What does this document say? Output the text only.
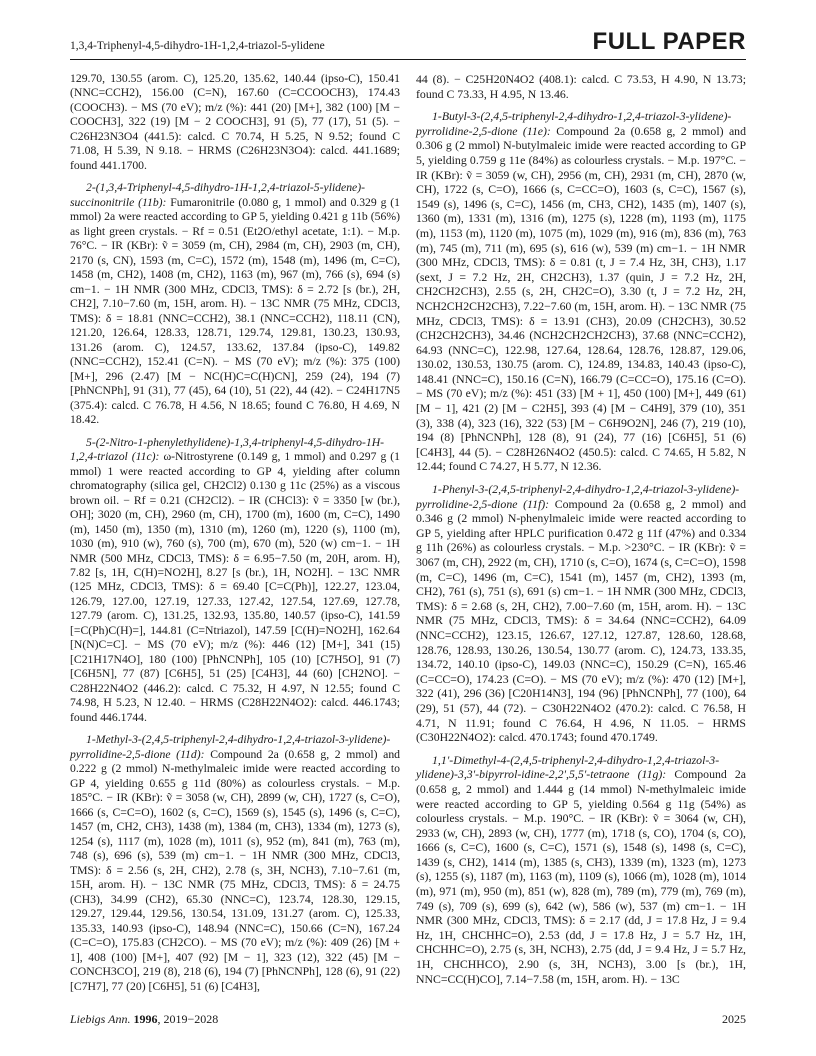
1,3,4-Triphenyl-4,5-dihydro-1H-1,2,4-triazol-5-ylidene	FULL PAPER

129.70, 130.55 (arom. C), 125.20, 135.62, 140.44 (ipso-C), 150.41 (NNC=CCH2), 156.00 (C=N), 167.60 (C=CCOOCH3), 174.43 (COOCH3). − MS (70 eV); m/z (%): 441 (20) [M+], 382 (100) [M − COOCH3], 322 (19) [M − 2 COOCH3], 91 (5), 77 (17), 51 (5). − C26H23N3O4 (441.5): calcd. C 70.74, H 5.25, N 9.52; found C 71.08, H 5.39, N 9.18. − HRMS (C26H23N3O4): calcd. 441.1689; found 441.1700.

2-(1,3,4-Triphenyl-4,5-dihydro-1H-1,2,4-triazol-5-ylidene)-succinonitrile (11b): Fumaronitrile (0.080 g, 1 mmol) and 0.329 g (1 mmol) 2a were reacted according to GP 5, yielding 0.421 g 11b (56%) as light green crystals. − Rf = 0.51 (Et2O/ethyl acetate, 1:1). − M.p. 76°C. − IR (KBr): ṽ = 3059 (m, CH), 2984 (m, CH), 2903 (m, CH), 2170 (s, CN), 1593 (m, C=C), 1572 (m), 1548 (m), 1496 (m, C=C), 1458 (m, CH2), 1408 (m, CH2), 1163 (m), 967 (m), 766 (s), 694 (s) cm−1. − 1H NMR (300 MHz, CDCl3, TMS): δ = 2.72 [s (br.), 2H, CH2], 7.10−7.60 (m, 15H, arom. H). − 13C NMR (75 MHz, CDCl3, TMS): δ = 18.81 (NNC=CCH2), 38.1 (NNC=CCH2), 118.11 (CN), 121.20, 126.64, 128.33, 128.71, 129.74, 129.81, 130.23, 130.93, 131.26 (arom. C), 124.57, 133.62, 137.84 (ipso-C), 149.82 (NNC=CCH2), 152.41 (C=N). − MS (70 eV); m/z (%): 375 (100) [M+], 296 (2.47) [M − NC(H)C=C(H)CN], 259 (24), 194 (7) [PhNCNPh], 91 (31), 77 (45), 64 (10), 51 (22), 44 (42). − C24H17N5 (375.4): calcd. C 76.78, H 4.56, N 18.65; found C 76.80, H 4.69, N 18.42.

5-(2-Nitro-1-phenylethylidene)-1,3,4-triphenyl-4,5-dihydro-1H-1,2,4-triazol (11c): ω-Nitrostyrene (0.149 g, 1 mmol) and 0.297 g (1 mmol) 1 were reacted according to GP 4, yielding after column chromatography (silica gel, CH2Cl2) 0.130 g 11c (25%) as a viscous brown oil. − Rf = 0.21 (CH2Cl2). − IR (CHCl3): ṽ = 3350 [w (br.), OH]; 3020 (m, CH), 2960 (m, CH), 1700 (m), 1600 (m, C=C), 1490 (m), 1450 (m), 1350 (m), 1310 (m), 1260 (m), 1220 (s), 1100 (m), 1030 (m), 910 (w), 760 (s), 700 (m), 670 (m), 520 (w) cm−1. − 1H NMR (500 MHz, CDCl3, TMS): δ = 6.95−7.50 (m, 20H, arom. H), 7.82 [s, 1H, C(H)=NO2H], 8.27 [s (br.), 1H, NO2H]. − 13C NMR (125 MHz, CDCl3, TMS): δ = 69.40 [C=C(Ph)], 122.27, 123.04, 126.79, 127.00, 127.19, 127.33, 127.42, 127.54, 127.69, 127.78, 127.79 (arom. C), 131.25, 132.93, 135.80, 140.57 (ipso-C), 141.59 [=C(Ph)C(H)=], 144.81 (C=Ntriazol), 147.59 [C(H)=NO2H], 162.64 [N(N)C=C]. − MS (70 eV); m/z (%): 446 (12) [M+], 341 (15) [C21H17N4O], 180 (100) [PhNCNPh], 105 (10) [C7H5O], 91 (7) [C6H5N], 77 (87) [C6H5], 51 (25) [C4H3], 44 (60) [CH2NO]. − C28H22N4O2 (446.2): calcd. C 75.32, H 4.97, N 12.55; found C 74.98, H 5.23, N 12.40. − HRMS (C28H22N4O2): calcd. 446.1743; found 446.1744.

1-Methyl-3-(2,4,5-triphenyl-2,4-dihydro-1,2,4-triazol-3-ylidene)-pyrrolidine-2,5-dione (11d): Compound 2a (0.658 g, 2 mmol) and 0.222 g (2 mmol) N-methylmaleic imide were reacted according to GP 4, yielding 0.655 g 11d (80%) as colourless crystals. − M.p. 185°C. − IR (KBr): ṽ = 3058 (w, CH), 2899 (w, CH), 1727 (s, C=O), 1666 (s, C=C=O), 1602 (s, C=C), 1569 (s), 1545 (s), 1496 (s, C=C), 1457 (m, CH2, CH3), 1438 (m), 1384 (m, CH3), 1334 (m), 1273 (s), 1254 (s), 1117 (m), 1028 (m), 1011 (s), 952 (m), 841 (m), 763 (m), 748 (s), 696 (s), 539 (m) cm−1. − 1H NMR (300 MHz, CDCl3, TMS): δ = 2.56 (s, 2H, CH2), 2.78 (s, 3H, NCH3), 7.10−7.61 (m, 15H, arom. H). − 13C NMR (75 MHz, CDCl3, TMS): δ = 24.75 (CH3), 34.99 (CH2), 65.30 (NNC=C), 123.74, 128.30, 129.15, 129.27, 129.44, 129.56, 130.54, 131.09, 131.27 (arom. C), 125.33, 135.33, 140.93 (ipso-C), 148.94 (NNC=C), 150.66 (C=N), 167.24 (C=C=O), 175.83 (CH2CO). − MS (70 eV); m/z (%): 409 (26) [M + 1], 408 (100) [M+], 407 (92) [M − 1], 323 (12), 322 (45) [M − CONCH3CO], 219 (8), 218 (6), 194 (7) [PhNCNPh], 128 (6), 91 (22) [C7H7], 77 (20) [C6H5], 51 (6) [C4H3],

44 (8). − C25H20N4O2 (408.1): calcd. C 73.53, H 4.90, N 13.73; found C 73.33, H 4.95, N 13.46.

1-Butyl-3-(2,4,5-triphenyl-2,4-dihydro-1,2,4-triazol-3-ylidene)-pyrrolidine-2,5-dione (11e): Compound 2a (0.658 g, 2 mmol) and 0.306 g (2 mmol) N-butylmaleic imide were reacted according to GP 5, yielding 0.759 g 11e (84%) as colourless crystals. − M.p. 197°C. − IR (KBr): ṽ = 3059 (w, CH), 2956 (m, CH), 2931 (m, CH), 2870 (w, CH), 1722 (s, C=O), 1666 (s, C=CC=O), 1603 (s, C=C), 1567 (s), 1549 (s), 1496 (s, C=C), 1456 (m, CH3, CH2), 1435 (m), 1407 (s), 1360 (m), 1331 (m), 1316 (m), 1275 (s), 1228 (m), 1193 (m), 1175 (m), 1153 (m), 1120 (m), 1075 (m), 1029 (m), 916 (m), 836 (m), 763 (m), 745 (m), 711 (m), 695 (s), 616 (w), 539 (m) cm−1. − 1H NMR (300 MHz, CDCl3, TMS): δ = 0.81 (t, J = 7.4 Hz, 3H, CH3), 1.17 (sext, J = 7.2 Hz, 2H, CH2CH3), 1.37 (quin, J = 7.2 Hz, 2H, CH2CH2CH3), 2.55 (s, 2H, CH2C=O), 3.30 (t, J = 7.2 Hz, 2H, NCH2CH2CH2CH3), 7.22−7.60 (m, 15H, arom. H). − 13C NMR (75 MHz, CDCl3, TMS): δ = 13.91 (CH3), 20.09 (CH2CH3), 30.52 (CH2CH2CH3), 34.46 (NCH2CH2CH2CH3), 37.68 (NNC=CCH2), 64.93 (NNC=C), 122.98, 127.64, 128.64, 128.76, 128.87, 129.06, 130.02, 130.53, 130.75 (arom. C), 124.89, 134.83, 140.43 (ipso-C), 148.41 (NNC=C), 150.16 (C=N), 166.79 (C=CC=O), 175.16 (C=O). − MS (70 eV); m/z (%): 451 (33) [M + 1], 450 (100) [M+], 449 (61) [M − 1], 421 (2) [M − C2H5], 393 (4) [M − C4H9], 379 (10), 351 (3), 338 (4), 323 (16), 322 (53) [M − C6H9O2N], 246 (7), 219 (10), 194 (8) [PhNCNPh], 128 (8), 91 (24), 77 (16) [C6H5], 51 (6) [C4H3], 44 (5). − C28H26N4O2 (450.5): calcd. C 74.65, H 5.82, N 12.44; found C 74.27, H 5.77, N 12.36.

1-Phenyl-3-(2,4,5-triphenyl-2,4-dihydro-1,2,4-triazol-3-ylidene)-pyrrolidine-2,5-dione (11f): Compound 2a (0.658 g, 2 mmol) and 0.346 g (2 mmol) N-phenylmaleic imide were reacted according to GP 5, yielding after HPLC purification 0.472 g 11f (47%) and 0.334 g 11h (26%) as colourless crystals. − M.p. >230°C. − IR (KBr): ṽ = 3067 (m, CH), 2922 (m, CH), 1710 (s, C=O), 1674 (s, C=C=O), 1598 (m, C=C), 1496 (m, C=C), 1541 (m), 1457 (m, CH2), 1393 (m, CH2), 761 (s), 751 (s), 691 (s) cm−1. − 1H NMR (300 MHz, CDCl3, TMS): δ = 2.68 (s, 2H, CH2), 7.00−7.60 (m, 15H, arom. H). − 13C NMR (75 MHz, CDCl3, TMS): δ = 34.64 (NNC=CCH2), 64.09 (NNC=CCH2), 123.15, 126.67, 127.12, 127.87, 128.60, 128.68, 128.76, 128.93, 130.26, 130.54, 130.77 (arom. C), 124.73, 133.35, 134.72, 140.10 (ipso-C), 149.03 (NNC=C), 150.29 (C=N), 165.46 (C=CC=O), 174.23 (C=O). − MS (70 eV); m/z (%): 470 (12) [M+], 322 (41), 296 (36) [C20H14N3], 194 (96) [PhNCNPh], 77 (100), 64 (29), 51 (57), 44 (72). − C30H22N4O2 (470.2): calcd. C 76.58, H 4.71, N 11.91; found C 76.64, H 4.96, N 11.05. − HRMS (C30H22N4O2): calcd. 470.1743; found 470.1749.

1,1'-Dimethyl-4-(2,4,5-triphenyl-2,4-dihydro-1,2,4-triazol-3-ylidene)-3,3'-bipyrrol-idine-2,2',5,5'-tetraone (11g): Compound 2a (0.658 g, 2 mmol) and 1.444 g (14 mmol) N-methylmaleic imide were reacted according to GP 5, yielding 0.564 g 11g (54%) as colourless crystals. − M.p. 190°C. − IR (KBr): ṽ = 3064 (w, CH), 2933 (w, CH), 2893 (w, CH), 1777 (m), 1718 (s, CO), 1704 (s, CO), 1666 (s, C=C), 1600 (s, C=C), 1571 (s), 1548 (s), 1498 (s, C=C), 1439 (s, CH2), 1414 (m), 1385 (s, CH3), 1339 (m), 1323 (m), 1273 (s), 1255 (s), 1187 (m), 1163 (m), 1109 (s), 1066 (m), 1028 (m), 1014 (m), 971 (m), 950 (m), 851 (w), 828 (m), 789 (m), 779 (m), 769 (m), 749 (s), 709 (s), 699 (s), 642 (w), 586 (w), 537 (m) cm−1. − 1H NMR (300 MHz, CDCl3, TMS): δ = 2.17 (dd, J = 17.8 Hz, J = 9.4 Hz, 1H, CHCHHC=O), 2.53 (dd, J = 17.8 Hz, J = 5.7 Hz, 1H, CHCHHC=O), 2.75 (s, 3H, NCH3), 2.75 (dd, J = 9.4 Hz, J = 5.7 Hz, 1H, CHCHHCO), 2.90 (s, 3H, NCH3), 3.00 [s (br.), 1H, NNC=CC(H)CO], 7.14−7.58 (m, 15H, arom. H). − 13C

Liebigs Ann. 1996, 2019−2028	2025
